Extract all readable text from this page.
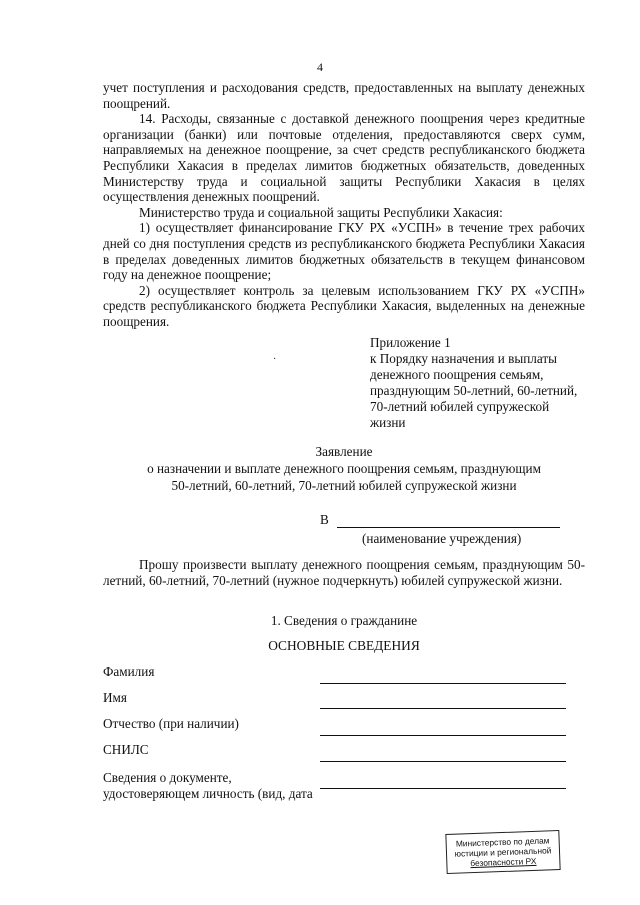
4

учет поступления и расходования средств, предоставленных на выплату денежных поощрений.

14. Расходы, связанные с доставкой денежного поощрения через кредитные организации (банки) или почтовые отделения, предоставляются сверх сумм, направляемых на денежное поощрение, за счет средств республиканского бюджета Республики Хакасия в пределах лимитов бюджетных обязательств, доведенных Министерству труда и социальной защиты Республики Хакасия в целях осуществления денежных поощрений.

Министерство труда и социальной защиты Республики Хакасия:

1) осуществляет финансирование ГКУ РХ «УСПН» в течение трех рабочих дней со дня поступления средств из республиканского бюджета Республики Хакасия в пределах доведенных лимитов бюджетных обязательств в текущем финансовом году на денежное поощрение;

2) осуществляет контроль за целевым использованием ГКУ РХ «УСПН» средств республиканского бюджета Республики Хакасия, выделенных на денежные поощрения.

·

Приложение 1

к Порядку назначения и выплаты

денежного поощрения семьям,

празднующим 50-летний, 60-летний,

70-летний юбилей супружеской

жизни

Заявление

о назначении и выплате денежного поощрения семьям, празднующим

50-летний, 60-летний, 70-летний юбилей супружеской жизни

В
(наименование учреждения)

Прошу произвести выплату денежного поощрения семьям, празднующим 50-летний, 60-летний, 70-летний (нужное подчеркнуть) юбилей супружеской жизни.

1. Сведения о гражданине
ОСНОВНЫЕ СВЕДЕНИЯ
Фамилия
Имя
Отчество (при наличии)
СНИЛС
Сведения о документе,
удостоверяющем личность (вид, дата

Министерство по делам

юстиции и региональной

безопасности РХ
